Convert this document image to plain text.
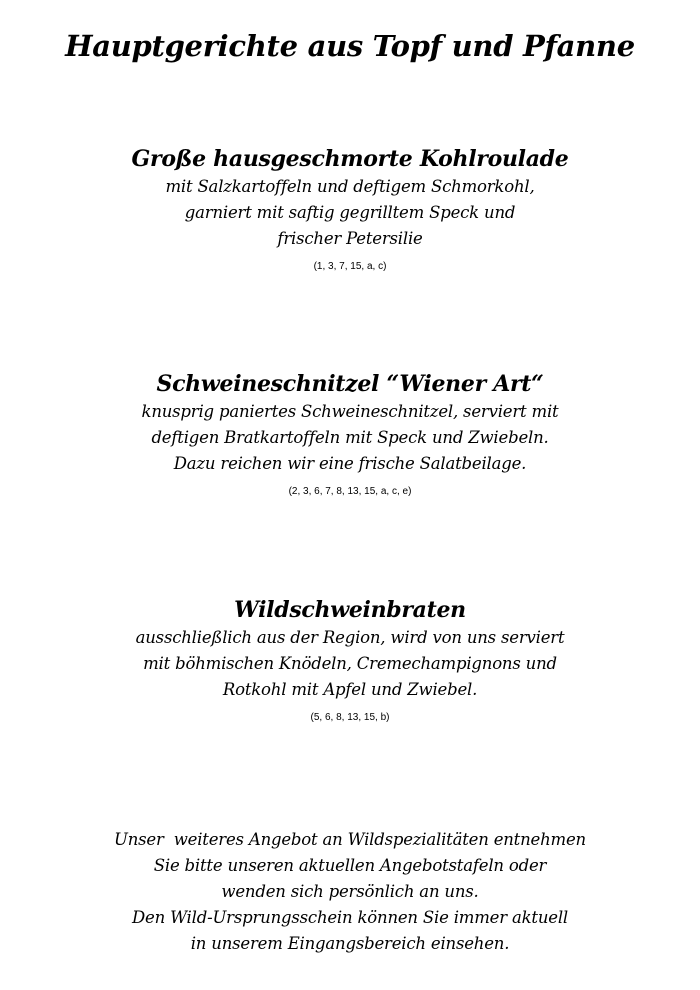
Hauptgerichte aus Topf und Pfanne
Große hausgeschmorte Kohlroulade
mit Salzkartoffeln und deftigem Schmorkohl,
garniert mit saftig gegrilltem Speck und
frischer Petersilie
(1, 3, 7, 15, a, c)
Schweineschnitzel “Wiener Art“
knusprig paniertes Schweineschnitzel, serviert mit
deftigen Bratkartoffeln mit Speck und Zwiebeln.
Dazu reichen wir eine frische Salatbeilage.
(2, 3, 6, 7, 8, 13, 15, a, c, e)
Wildschweinbraten
ausschließlich aus der Region, wird von uns serviert
mit böhmischen Knödeln, Cremechampignons und
Rotkohl mit Apfel und Zwiebel.
(5, 6, 8, 13, 15, b)
Unser  weiteres Angebot an Wildspezialitäten entnehmen
Sie bitte unseren aktuellen Angebotstafeln oder
wenden sich persönlich an uns.
Den Wild-Ursprungsschein können Sie immer aktuell
in unserem Eingangsbereich einsehen.
